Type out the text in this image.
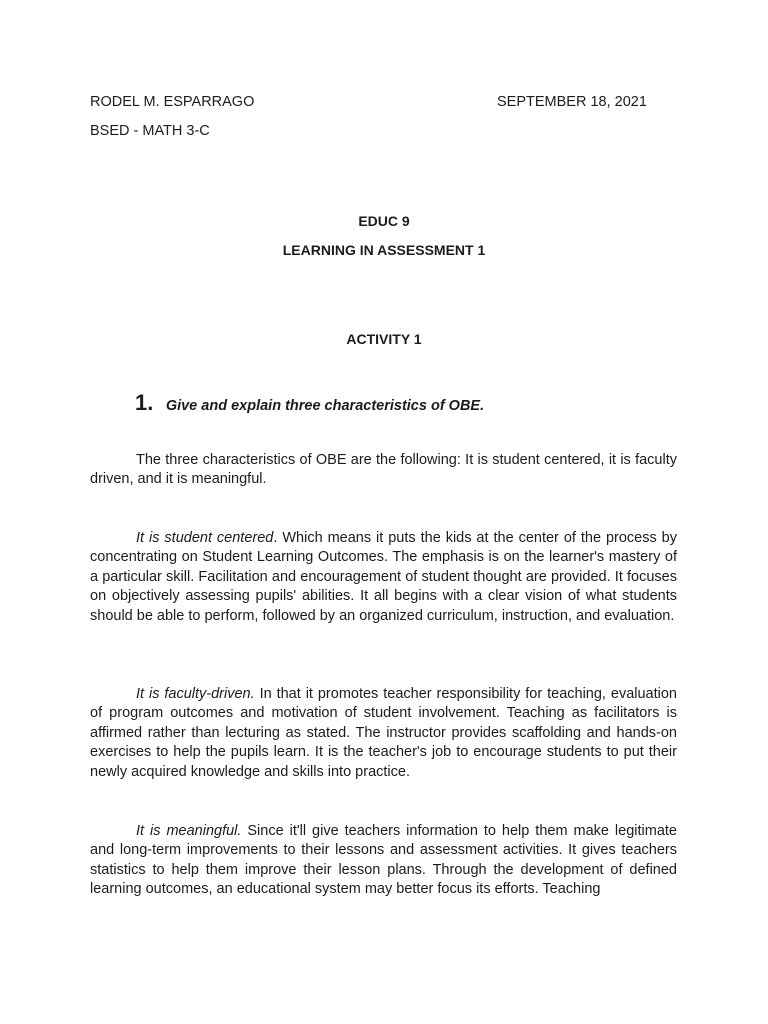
RODEL M. ESPARRAGO	SEPTEMBER 18, 2021
BSED - MATH 3-C
EDUC 9
LEARNING IN ASSESSMENT 1
ACTIVITY 1
1. Give and explain three characteristics of OBE.

The three characteristics of OBE are the following: It is student centered, it is faculty driven, and it is meaningful.

It is student centered. Which means it puts the kids at the center of the process by concentrating on Student Learning Outcomes. The emphasis is on the learner's mastery of a particular skill. Facilitation and encouragement of student thought are provided. It focuses on objectively assessing pupils' abilities. It all begins with a clear vision of what students should be able to perform, followed by an organized curriculum, instruction, and evaluation.

It is faculty-driven. In that it promotes teacher responsibility for teaching, evaluation of program outcomes and motivation of student involvement. Teaching as facilitators is affirmed rather than lecturing as stated. The instructor provides scaffolding and hands-on exercises to help the pupils learn. It is the teacher's job to encourage students to put their newly acquired knowledge and skills into practice.

It is meaningful. Since it'll give teachers information to help them make legitimate and long-term improvements to their lessons and assessment activities. It gives teachers statistics to help them improve their lesson plans. Through the development of defined learning outcomes, an educational system may better focus its efforts. Teaching
